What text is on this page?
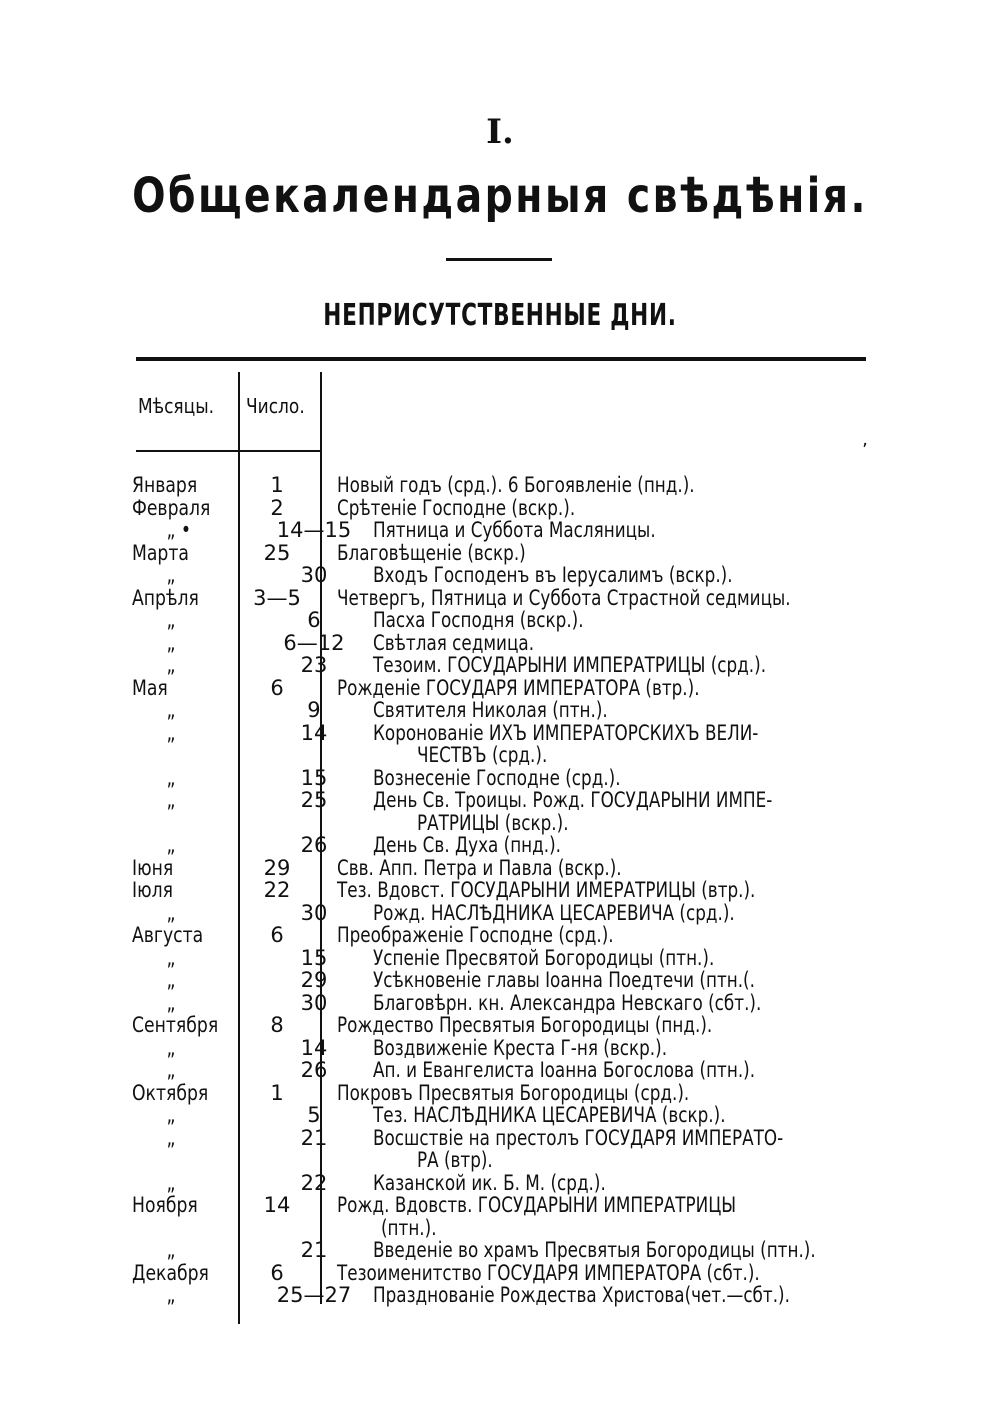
I.
Общекалендарныя свѣдѣнія.
НЕПРИСУТСТВЕННЫЕ ДНИ.
Мѣсяцы. Число.
ʼ
Января	1	Новый годъ (срд.). 6 Богоявленіе (пнд.).
Февраля	2	Срѣтеніе Господне (вскр.).
„ •	14—15 Пятница и Суббота Масляницы.
Марта	25	Благовѣщеніе (вскр.)
„	30	Входъ Господенъ въ Іерусалимъ (вскр.).
Апрѣля	3—5	Четвергъ, Пятница и Суббота Страстной седмицы.
„	6	Пасха Господня (вскр.).
„	6—12	Свѣтлая седмица.
„	23	Тезоим. ГОСУДАРЫНИ ИМПЕРАТРИЦЫ (срд.).
Мая	6	Рожденіе ГОСУДАРЯ ИМПЕРАТОРА (втр.).
„	9	Святителя Николая (птн.).
„	14	Коронованіе ИХЪ ИМПЕРАТОРСКИХЪ ВЕЛИ-
ЧЕСТВЪ (срд.).
„	15	Вознесеніе Господне (срд.).
„	25	День Св. Троицы. Рожд. ГОСУДАРЫНИ ИМПЕ-
РАТРИЦЫ (вскр.).
„	26	День Св. Духа (пнд.).
Іюня	29	Свв. Апп. Петра и Павла (вскр.).
Іюля	22	Тез. Вдовст. ГОСУДАРЫНИ ИМЕРАТРИЦЫ (втр.).
„	30	Рожд. НАСЛѢДНИКА ЦЕСАРЕВИЧА (срд.).
Августа	6	Преображеніе Господне (срд.).
„	15	Успеніе Пресвятой Богородицы (птн.).
„	29	Усѣкновеніе главы Іоанна Поедтечи (птн.(.
„	30	Благовѣрн. кн. Александра Невскаго (сбт.).
Сентября	8	Рождество Пресвятыя Богородицы (пнд.).
„	14	Воздвиженіе Креста Г-ня (вскр.).
„	26	Ап. и Евангелиста Іоанна Богослова (птн.).
Октября	1	Покровъ Пресвятыя Богородицы (срд.).
„	5	Тез. НАСЛѢДНИКА ЦЕСАРЕВИЧА (вскр.).
„	21	Восшствіе на престолъ ГОСУДАРЯ ИМПЕРАТО-
РА (втр).
„	22	Казанской ик. Б. М. (срд.).
Ноября	14	Рожд. Вдовств. ГОСУДАРЫНИ ИМПЕРАТРИЦЫ
(птн.).
„	21	Введеніе во храмъ Пресвятыя Богородицы (птн.).
Декабря	6	Тезоименитство ГОСУДАРЯ ИМПЕРАТОРА (сбт.).
„	25—27 Празднованіе Рождества Христова(чет.—сбт.).
